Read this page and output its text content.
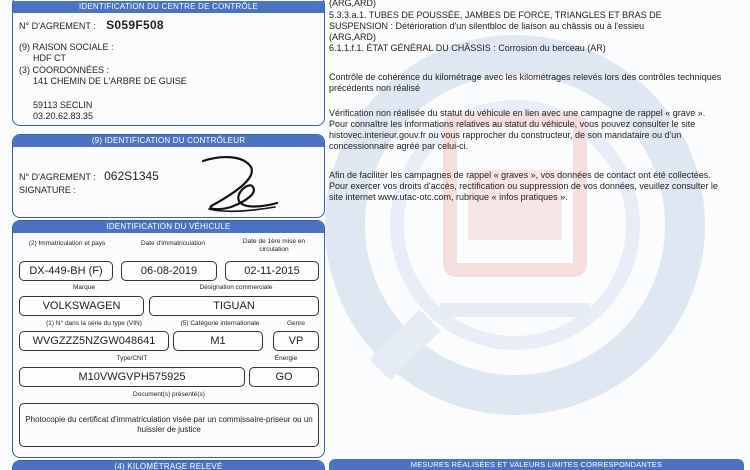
IDENTIFICATION DU CENTRE DE CONTRÔLE
N° D'AGREMENT : S059F508
(9) RAISON SOCIALE :
HDF CT
(3) COORDONNÉES :
141 CHEMIN DE L'ARBRE DE GUISE
59113 SECLIN
03.20.62.83.35
(9) IDENTIFICATION DU CONTRÔLEUR
N° D'AGREMENT : 062S1345
SIGNATURE :
IDENTIFICATION DU VÉHICULE
(2) Immatriculation et pays	Date d'immatriculation	Date de 1ère mise en circulation
DX-449-BH (F)	06-08-2019	02-11-2015
Marque	Désignation commerciale
VOLKSWAGEN	TIGUAN
(1) N° dans la série du type (VIN)	(5) Catégorie internationale	Genre
WVGZZZ5NZGW048641	M1	VP
Type/CNIT	Énergie
M10VWGVPH575925	GO
Document(s) présenté(s)
Photocopie du certificat d'immatriculation visée par un commissaire-priseur ou un huissier de justice
(4) KILOMÉTRAGE RELEVÉ
(ARG,ARD)
5.3.3.a.1. TUBES DE POUSSÉE, JAMBES DE FORCE, TRIANGLES ET BRAS DE
SUSPENSION : Détérioration d'un silentbloc de liaison au châssis ou à l'essieu
(ARG,ARD)
6.1.1.f.1. ÉTAT GÉNÉRAL DU CHÂSSIS : Corrosion du berceau (AR)
Contrôle de cohérence du kilométrage avec les kilométrages relevés lors des contrôles techniques précédents non réalisé
Vérification non réalisée du statut du véhicule en lien avec une campagne de rappel « grave ». Pour connaître les informations relatives au statut du véhicule, vous pouvez consulter le site histovec.interieur.gouv.fr ou vous rapprocher du constructeur, de son mandataire ou d'un concessionnaire agréé par celui-ci.
Afin de faciliter les campagnes de rappel « graves », vos données de contact ont été collectées. Pour exercer vos droits d'accès, rectification ou suppression de vos données, veuillez consulter le site internet www.utac-otc.com, rubrique « infos pratiques ».
MESURES RÉALISÉES ET VALEURS LIMITES CORRESPONDANTES
